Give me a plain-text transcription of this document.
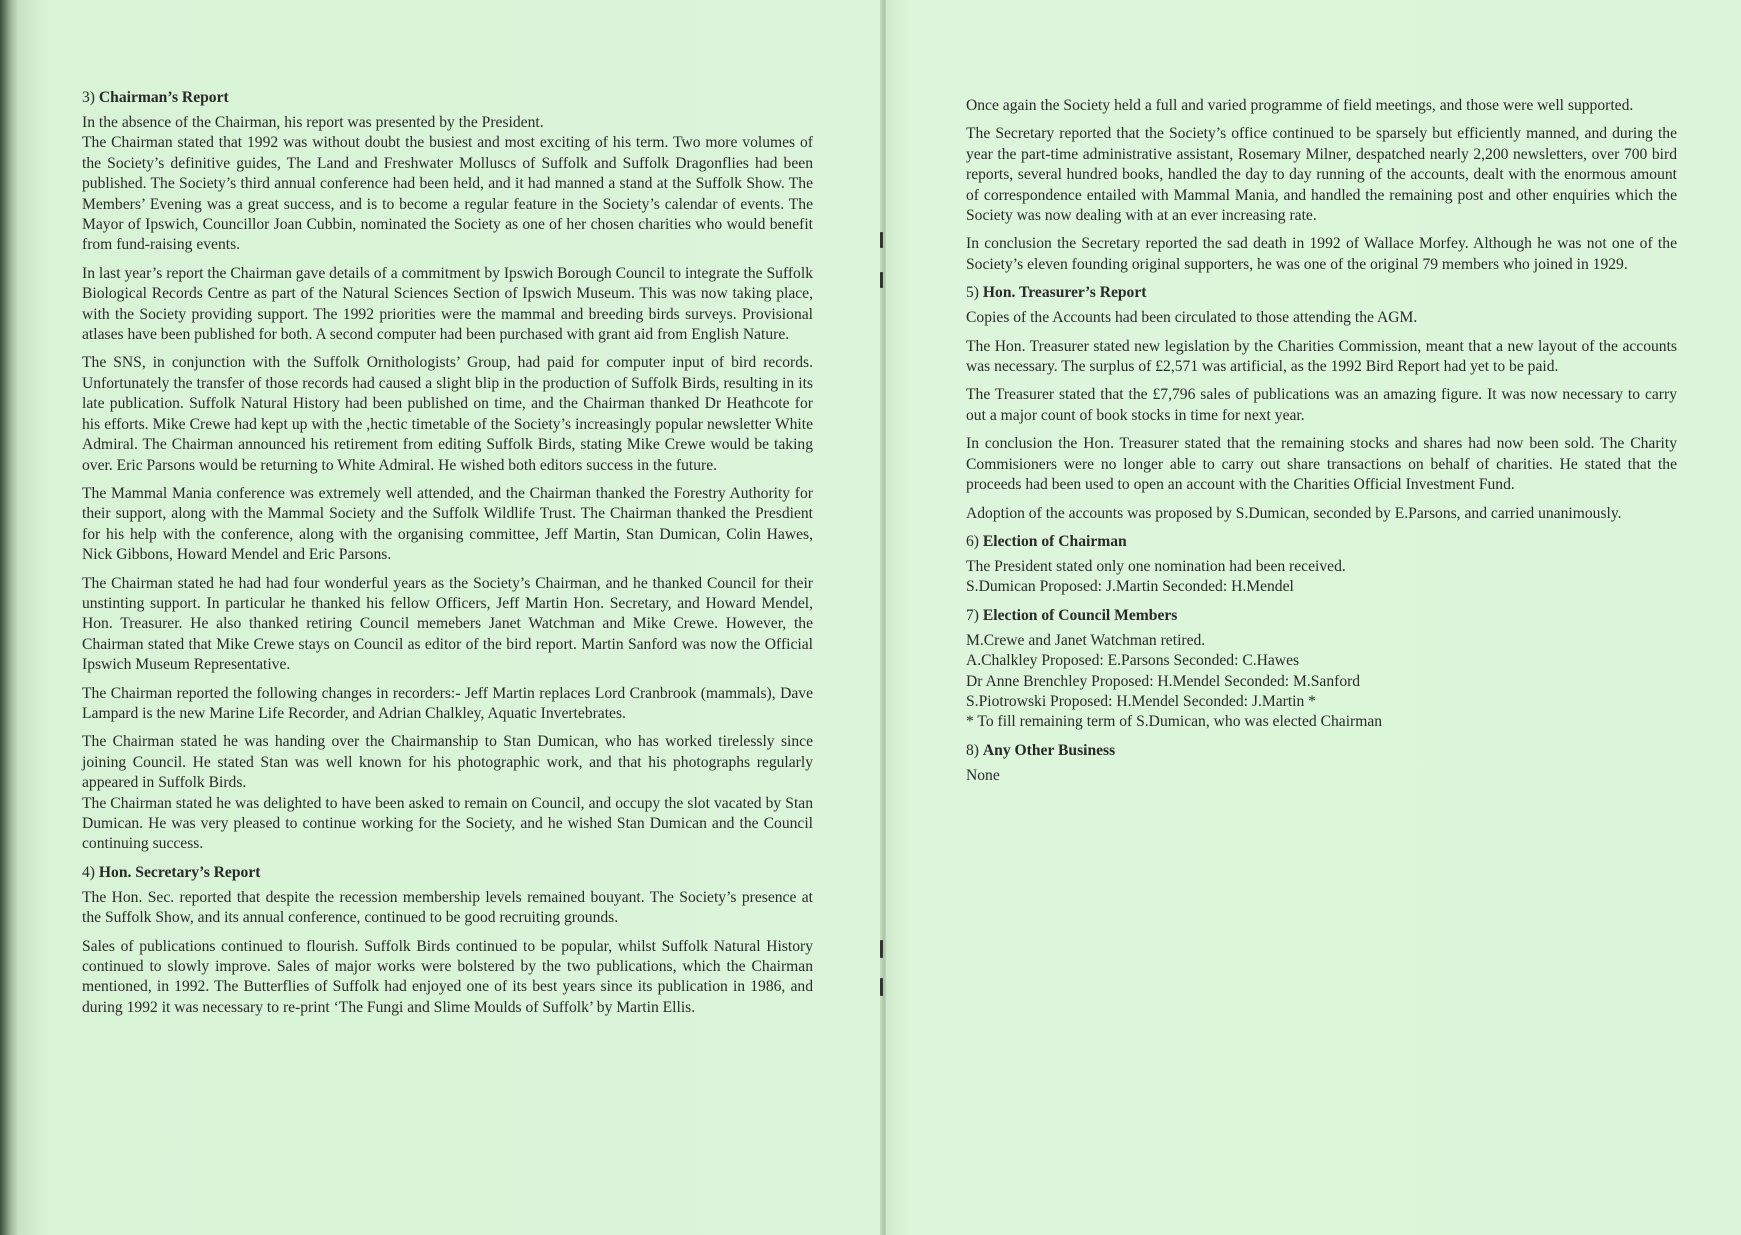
3) Chairman’s Report

In the absence of the Chairman, his report was presented by the President.

The Chairman stated that 1992 was without doubt the busiest and most exciting of his term. Two more volumes of the Society’s definitive guides, The Land and Freshwater Molluscs of Suffolk and Suffolk Dragonflies had been published. The Society’s third annual conference had been held, and it had manned a stand at the Suffolk Show. The Members’ Evening was a great success, and is to become a regular feature in the Society’s calendar of events. The Mayor of Ipswich, Councillor Joan Cubbin, nominated the Society as one of her chosen charities who would benefit from fund-raising events.

In last year’s report the Chairman gave details of a commitment by Ipswich Borough Council to integrate the Suffolk Biological Records Centre as part of the Natural Sciences Section of Ipswich Museum. This was now taking place, with the Society providing support. The 1992 priorities were the mammal and breeding birds surveys. Provisional atlases have been published for both. A second computer had been purchased with grant aid from English Nature.

The SNS, in conjunction with the Suffolk Ornithologists’ Group, had paid for computer input of bird records. Unfortunately the transfer of those records had caused a slight blip in the production of Suffolk Birds, resulting in its late publication. Suffolk Natural History had been published on time, and the Chairman thanked Dr Heathcote for his efforts. Mike Crewe had kept up with the ,hectic timetable of the Society’s increasingly popular newsletter White Admiral. The Chairman announced his retirement from editing Suffolk Birds, stating Mike Crewe would be taking over. Eric Parsons would be returning to White Admiral. He wished both editors success in the future.

The Mammal Mania conference was extremely well attended, and the Chairman thanked the Forestry Authority for their support, along with the Mammal Society and the Suffolk Wildlife Trust. The Chairman thanked the Presdient for his help with the conference, along with the organising committee, Jeff Martin, Stan Dumican, Colin Hawes, Nick Gibbons, Howard Mendel and Eric Parsons.

The Chairman stated he had had four wonderful years as the Society’s Chairman, and he thanked Council for their unstinting support. In particular he thanked his fellow Officers, Jeff Martin Hon. Secretary, and Howard Mendel, Hon. Treasurer. He also thanked retiring Council memebers Janet Watchman and Mike Crewe. However, the Chairman stated that Mike Crewe stays on Council as editor of the bird report. Martin Sanford was now the Official Ipswich Museum Representative.

The Chairman reported the following changes in recorders:- Jeff Martin replaces Lord Cranbrook (mammals), Dave Lampard is the new Marine Life Recorder, and Adrian Chalkley, Aquatic Invertebrates.

The Chairman stated he was handing over the Chairmanship to Stan Dumican, who has worked tirelessly since joining Council. He stated Stan was well known for his photographic work, and that his photographs regularly appeared in Suffolk Birds.

The Chairman stated he was delighted to have been asked to remain on Council, and occupy the slot vacated by Stan Dumican. He was very pleased to continue working for the Society, and he wished Stan Dumican and the Council continuing success.

4) Hon. Secretary’s Report

The Hon. Sec. reported that despite the recession membership levels remained bouyant. The Society’s presence at the Suffolk Show, and its annual conference, continued to be good recruiting grounds.

Sales of publications continued to flourish. Suffolk Birds continued to be popular, whilst Suffolk Natural History continued to slowly improve. Sales of major works were bolstered by the two publications, which the Chairman mentioned, in 1992. The Butterflies of Suffolk had enjoyed one of its best years since its publication in 1986, and during 1992 it was necessary to re-print ‘The Fungi and Slime Moulds of Suffolk’ by Martin Ellis.

Once again the Society held a full and varied programme of field meetings, and those were well supported.

The Secretary reported that the Society’s office continued to be sparsely but efficiently manned, and during the year the part-time administrative assistant, Rosemary Milner, despatched nearly 2,200 newsletters, over 700 bird reports, several hundred books, handled the day to day running of the accounts, dealt with the enormous amount of correspondence entailed with Mammal Mania, and handled the remaining post and other enquiries which the Society was now dealing with at an ever increasing rate.

In conclusion the Secretary reported the sad death in 1992 of Wallace Morfey. Although he was not one of the Society’s eleven founding original supporters, he was one of the original 79 members who joined in 1929.

5) Hon. Treasurer’s Report

Copies of the Accounts had been circulated to those attending the AGM.

The Hon. Treasurer stated new legislation by the Charities Commission, meant that a new layout of the accounts was necessary. The surplus of £2,571 was artificial, as the 1992 Bird Report had yet to be paid.

The Treasurer stated that the £7,796 sales of publications was an amazing figure. It was now necessary to carry out a major count of book stocks in time for next year.

In conclusion the Hon. Treasurer stated that the remaining stocks and shares had now been sold. The Charity Commisioners were no longer able to carry out share transactions on behalf of charities. He stated that the proceeds had been used to open an account with the Charities Official Investment Fund.

Adoption of the accounts was proposed by S.Dumican, seconded by E.Parsons, and carried unanimously.

6) Election of Chairman

The President stated only one nomination had been received.
S.Dumican Proposed: J.Martin Seconded: H.Mendel

7) Election of Council Members

M.Crewe and Janet Watchman retired.
A.Chalkley Proposed: E.Parsons Seconded: C.Hawes
Dr Anne Brenchley Proposed: H.Mendel Seconded: M.Sanford
S.Piotrowski Proposed: H.Mendel Seconded: J.Martin *
* To fill remaining term of S.Dumican, who was elected Chairman

8) Any Other Business

None
